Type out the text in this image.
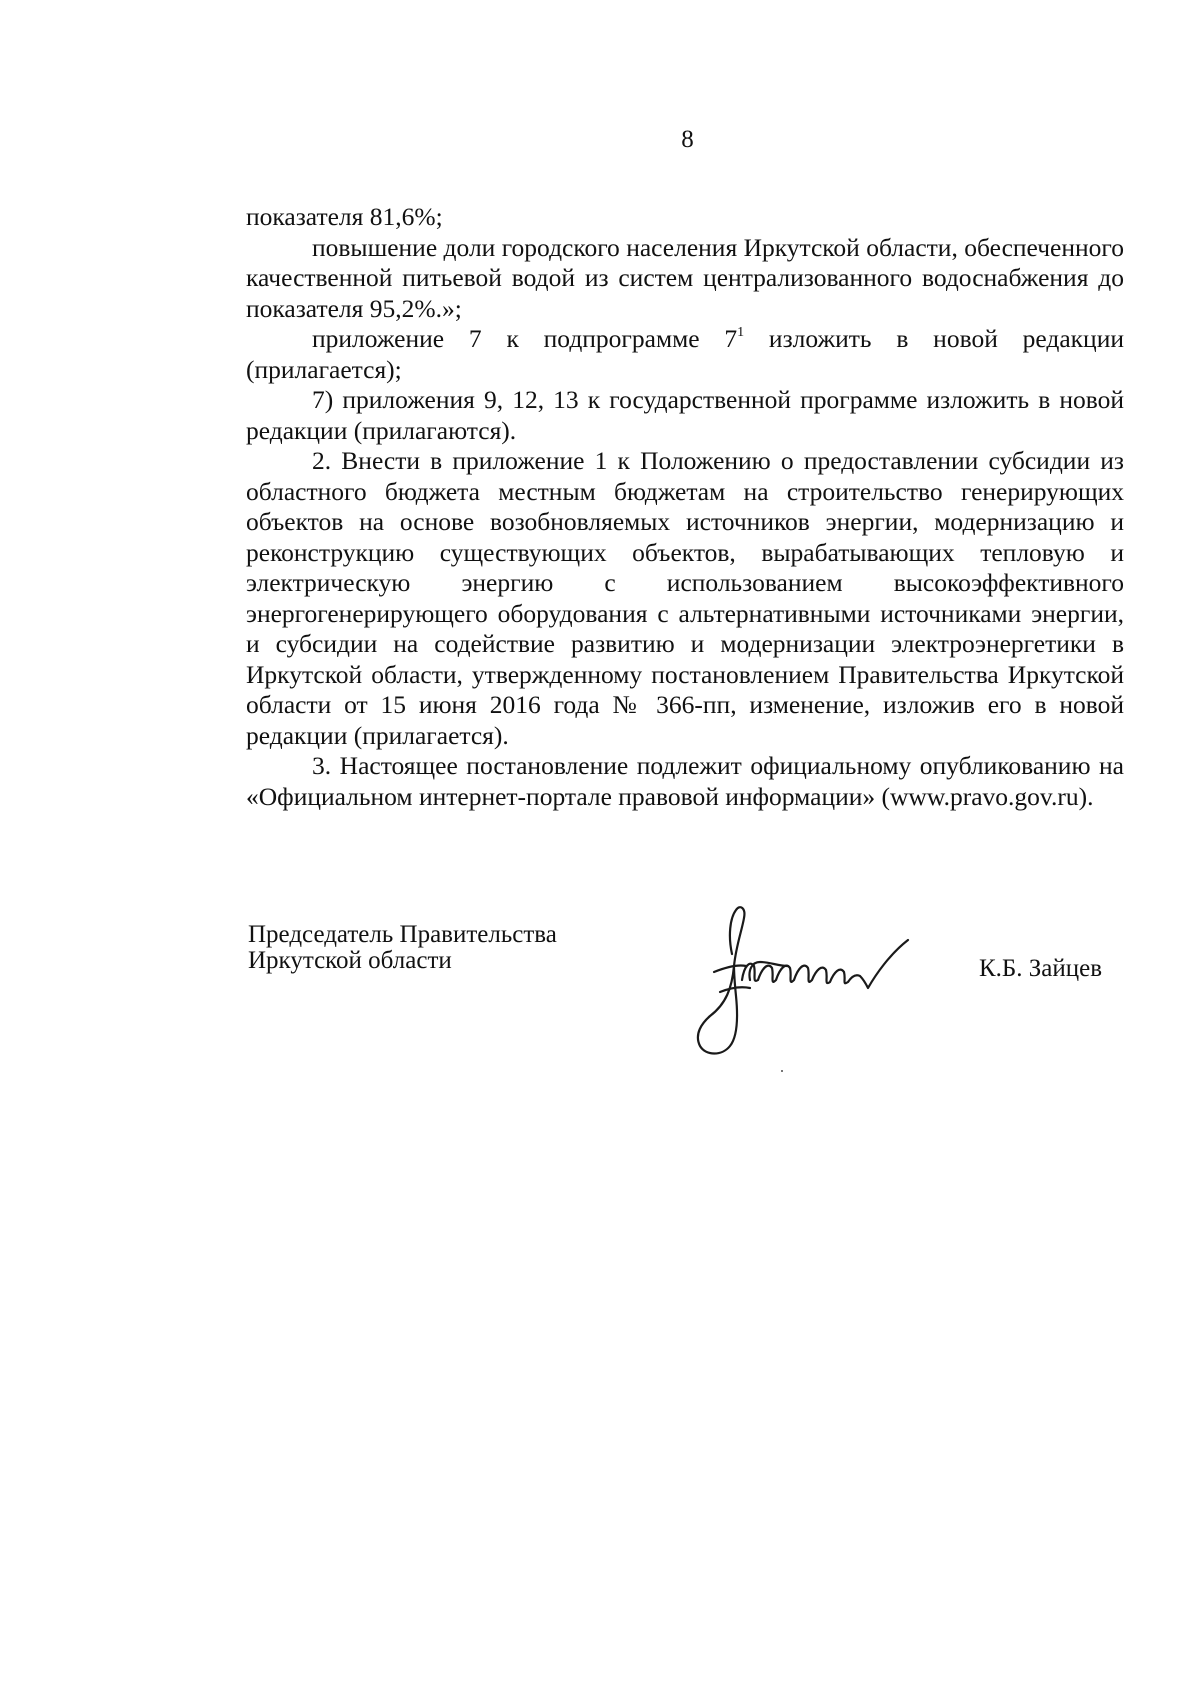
8

показателя 81,6%;

повышение доли городского населения Иркутской области, обеспеченного качественной питьевой водой из систем централизованного водоснабжения до показателя 95,2%.»;

приложение 7 к подпрограмме $7^1$ изложить в новой редакции (прилагается);

7) приложения 9, 12, 13 к государственной программе изложить в новой редакции (прилагаются).

2. Внести в приложение 1 к Положению о предоставлении субсидии из областного бюджета местным бюджетам на строительство генерирующих объектов на основе возобновляемых источников энергии, модернизацию и реконструкцию существующих объектов, вырабатывающих тепловую и электрическую энергию с использованием высокоэффективного энергогенерирующего оборудования с альтернативными источниками энергии, и субсидии на содействие развитию и модернизации электроэнергетики в Иркутской области, утвержденному постановлением Правительства Иркутской области от 15 июня 2016 года № 366-пп, изменение, изложив его в новой редакции (прилагается).

3. Настоящее постановление подлежит официальному опубликованию на «Официальном интернет-портале правовой информации» (www.pravo.gov.ru).

Председатель Правительства
Иркутской области	К.Б. Зайцев
